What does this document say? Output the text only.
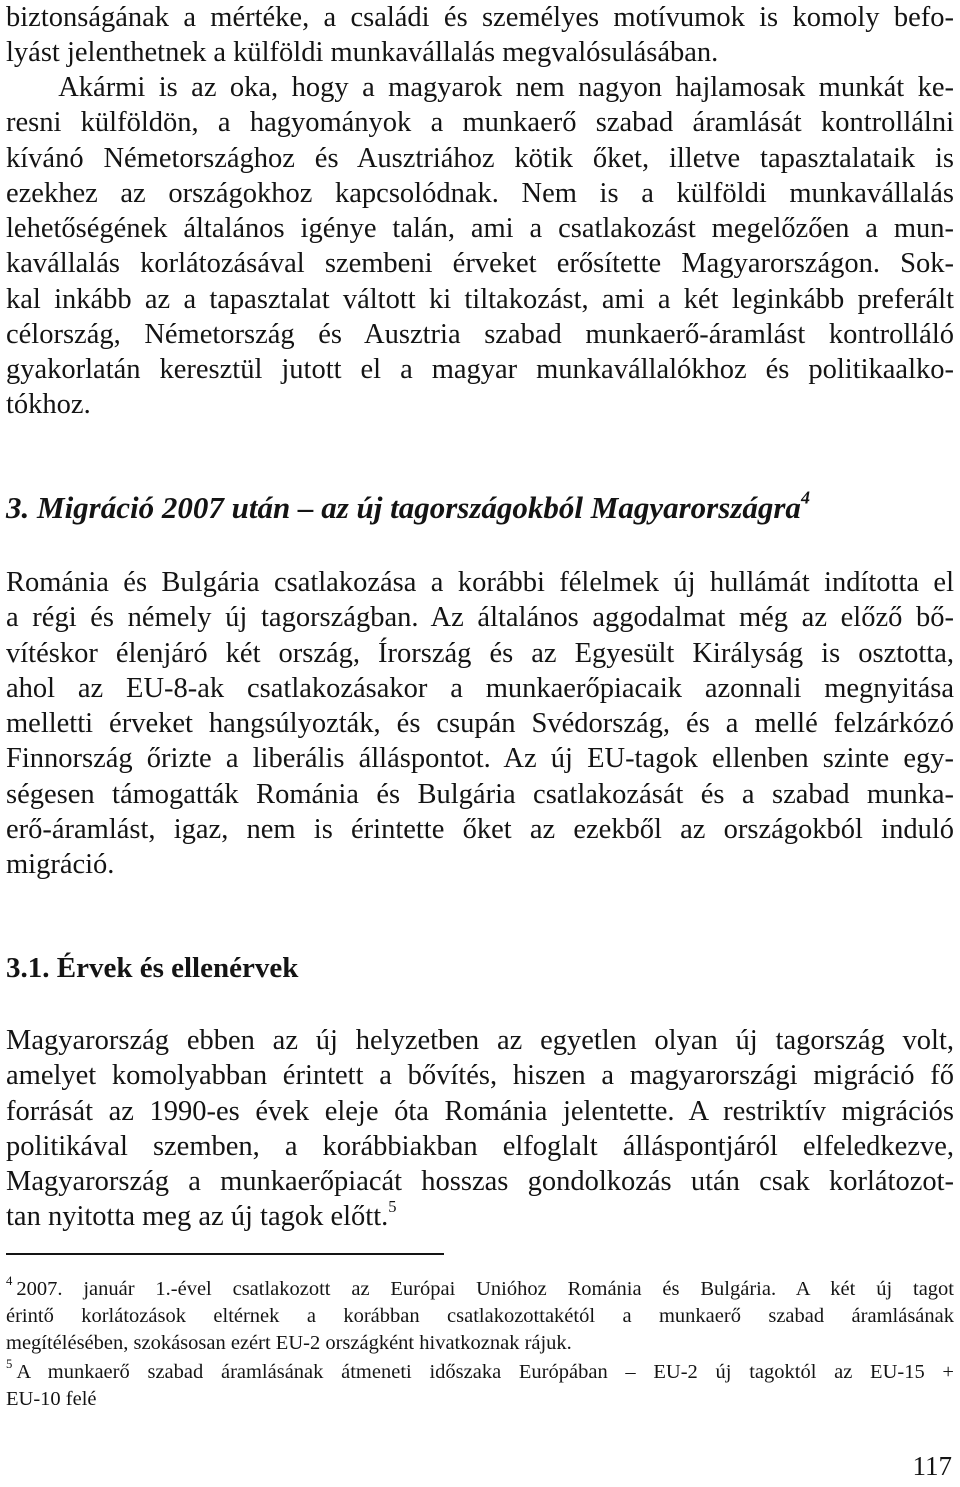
biztonságának a mértéke, a családi és személyes motívumok is komoly befo-

lyást jelenthetnek a külföldi munkavállalás megvalósulásában.

Akármi is az oka, hogy a magyarok nem nagyon hajlamosak munkát ke-

resni külföldön, a hagyományok a munkaerő szabad áramlását kontrollálni

kívánó Németországhoz és Ausztriához kötik őket, illetve tapasztalataik is

ezekhez az országokhoz kapcsolódnak. Nem is a külföldi munkavállalás

lehetőségének általános igénye talán, ami a csatlakozást megelőzően a mun-

kavállalás korlátozásával szembeni érveket erősítette Magyarországon. Sok-

kal inkább az a tapasztalat váltott ki tiltakozást, ami a két leginkább preferált

célország, Németország és Ausztria szabad munkaerő-áramlást kontrolláló

gyakorlatán keresztül jutott el a magyar munkavállalókhoz és politikaalko-

tókhoz.

3. Migráció 2007 után – az új tagországokból Magyarországra$^4$

Románia és Bulgária csatlakozása a korábbi félelmek új hullámát indította el

a régi és némely új tagországban. Az általános aggodalmat még az előző bő-

vítéskor élenjáró két ország, Írország és az Egyesült Királyság is osztotta,

ahol az EU-8-ak csatlakozásakor a munkaerőpiacaik azonnali megnyitása

melletti érveket hangsúlyozták, és csupán Svédország, és a mellé felzárkózó

Finnország őrizte a liberális álláspontot. Az új EU-tagok ellenben szinte egy-

ségesen támogatták Románia és Bulgária csatlakozását és a szabad munka-

erő-áramlást, igaz, nem is érintette őket az ezekből az országokból induló

migráció.

3.1. Érvek és ellenérvek

Magyarország ebben az új helyzetben az egyetlen olyan új tagország volt,

amelyet komolyabban érintett a bővítés, hiszen a magyarországi migráció fő

forrását az 1990-es évek eleje óta Románia jelentette. A restriktív migrációs

politikával szemben, a korábbiakban elfoglalt álláspontjáról elfeledkezve,

Magyarország a munkaerőpiacát hosszas gondolkozás után csak korlátozot-

tan nyitotta meg az új tagok előtt.$^5$

$^4$ 2007. január 1.-ével csatlakozott az Európai Unióhoz Románia és Bulgária. A két új tagot

érintő korlátozások eltérnek a korábban csatlakozottakétól a munkaerő szabad áramlásának

megítélésében, szokásosan ezért EU-2 országként hivatkoznak rájuk.

$^5$ A munkaerő szabad áramlásának átmeneti időszaka Európában – EU-2 új tagoktól az EU-15 +

EU-10 felé

117
